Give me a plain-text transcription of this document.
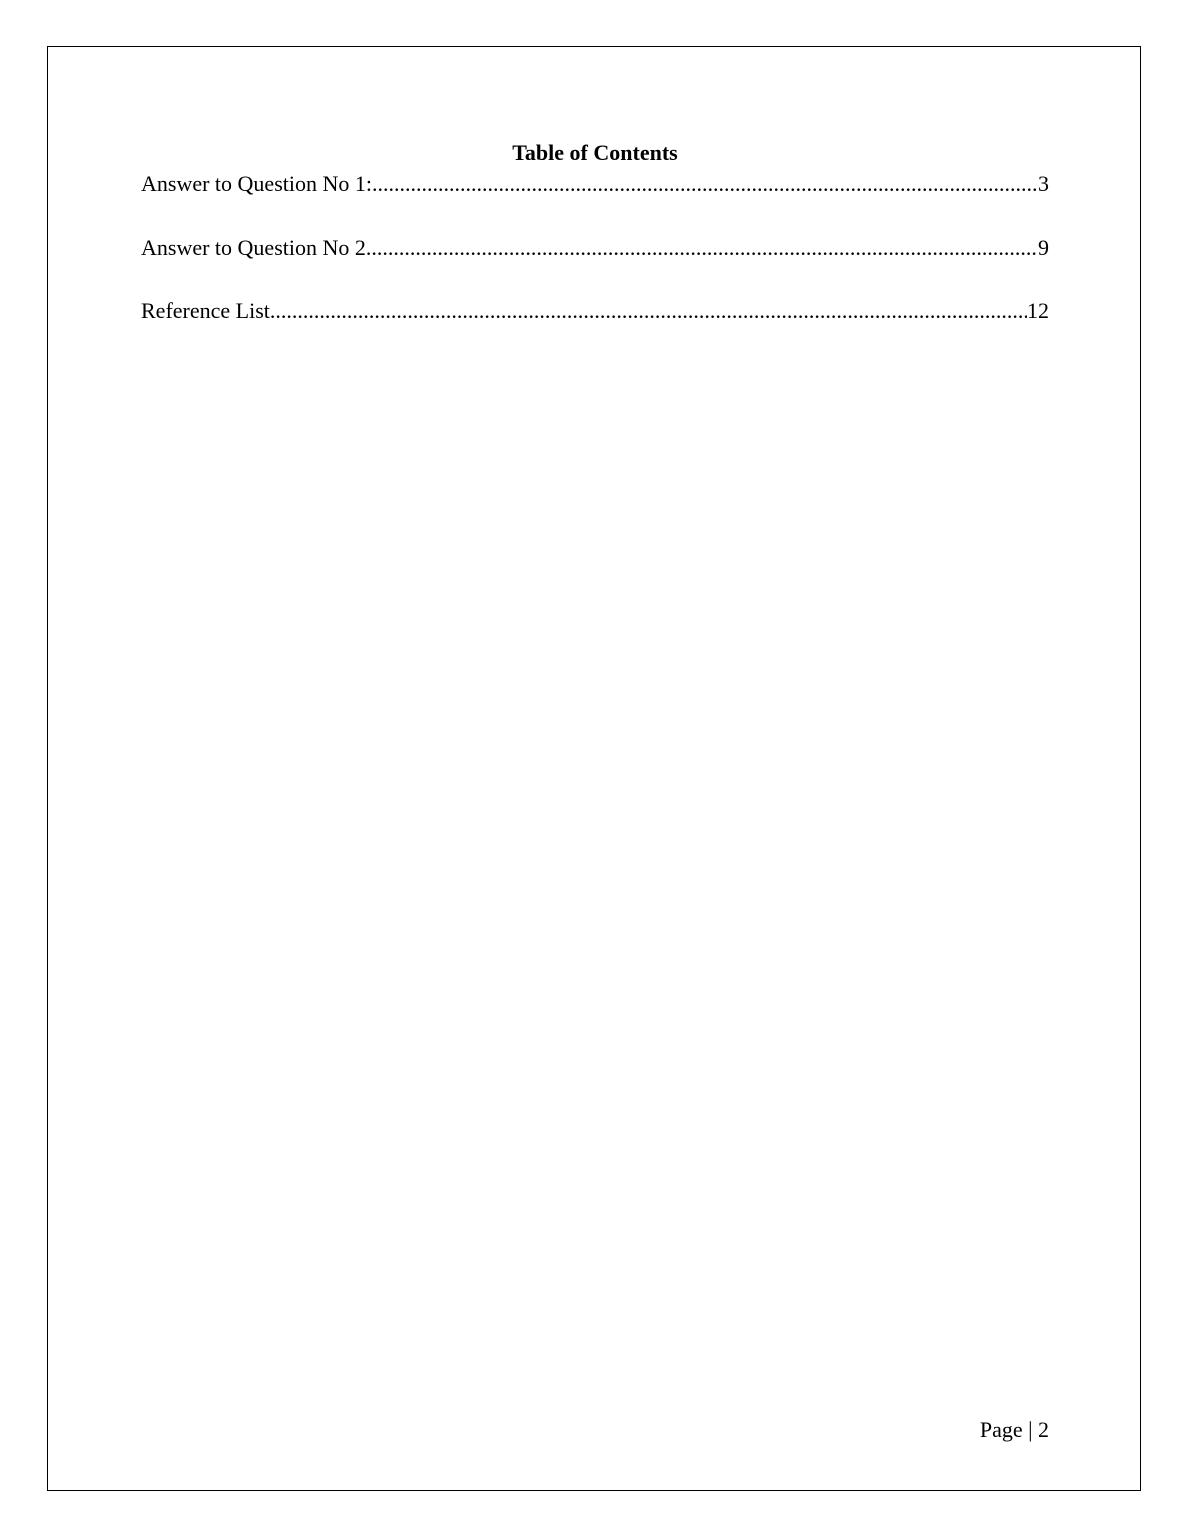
Table of Contents
Answer to Question No 1: .....	3
Answer to Question No 2 .....	9
Reference List .....	12
Page | 2
